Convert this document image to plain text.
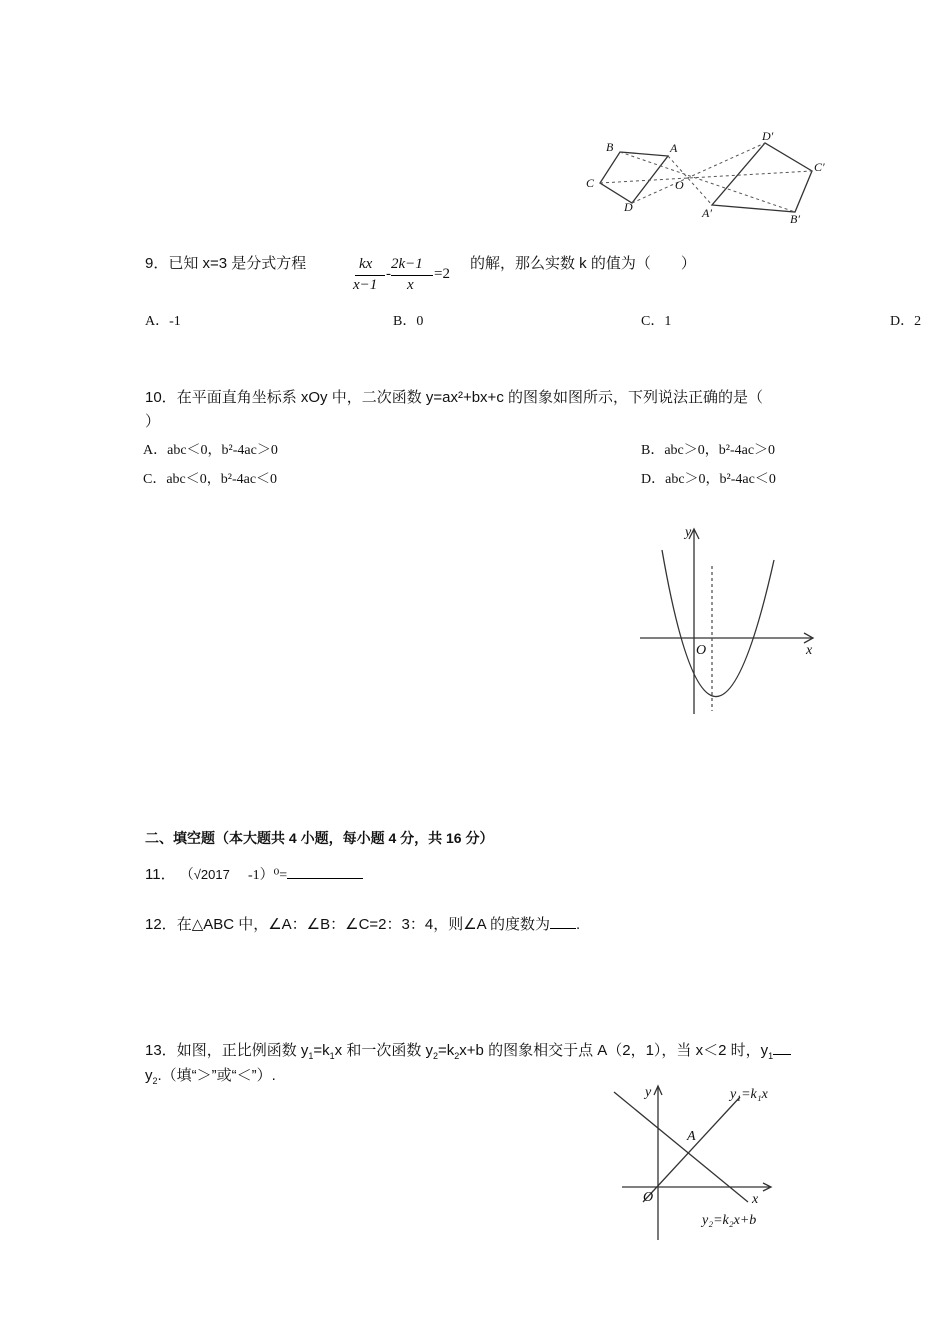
B	A
C
D
O
D′
C′
A′	B′
9．已知 x=3 是分式方程	kx
x−1
-
2k−1
x
=2
的解，那么实数 k 的值为（　　）
A．-1	B．0	C．1	D．2
10．在平面直角坐标系 xOy 中，二次函数 y=ax²+bx+c 的图象如图所示，下列说法正确的是（
）
A．abc＜0，b²-4ac＞0	B．abc＞0，b²-4ac＞0
C．abc＜0，b²-4ac＜0	D．abc＞0，b²-4ac＜0
y
x
O
二、填空题（本大题共 4 小题，每小题 4 分，共 16 分）
11． （√2017 -1）⁰=
12．在△ABC 中，∠A：∠B：∠C=2：3：4，则∠A 的度数为 .
13．如图，正比例函数 $y_1=k_1x$ 和一次函数 $y_2=k_2x+b$ 的图象相交于点 A（2，1），当 x＜2 时，$y_1$
$y_2$.（填“＞”或“＜”）.
y
x
O
A
y₁=k₁x
y₂=k₂x+b
